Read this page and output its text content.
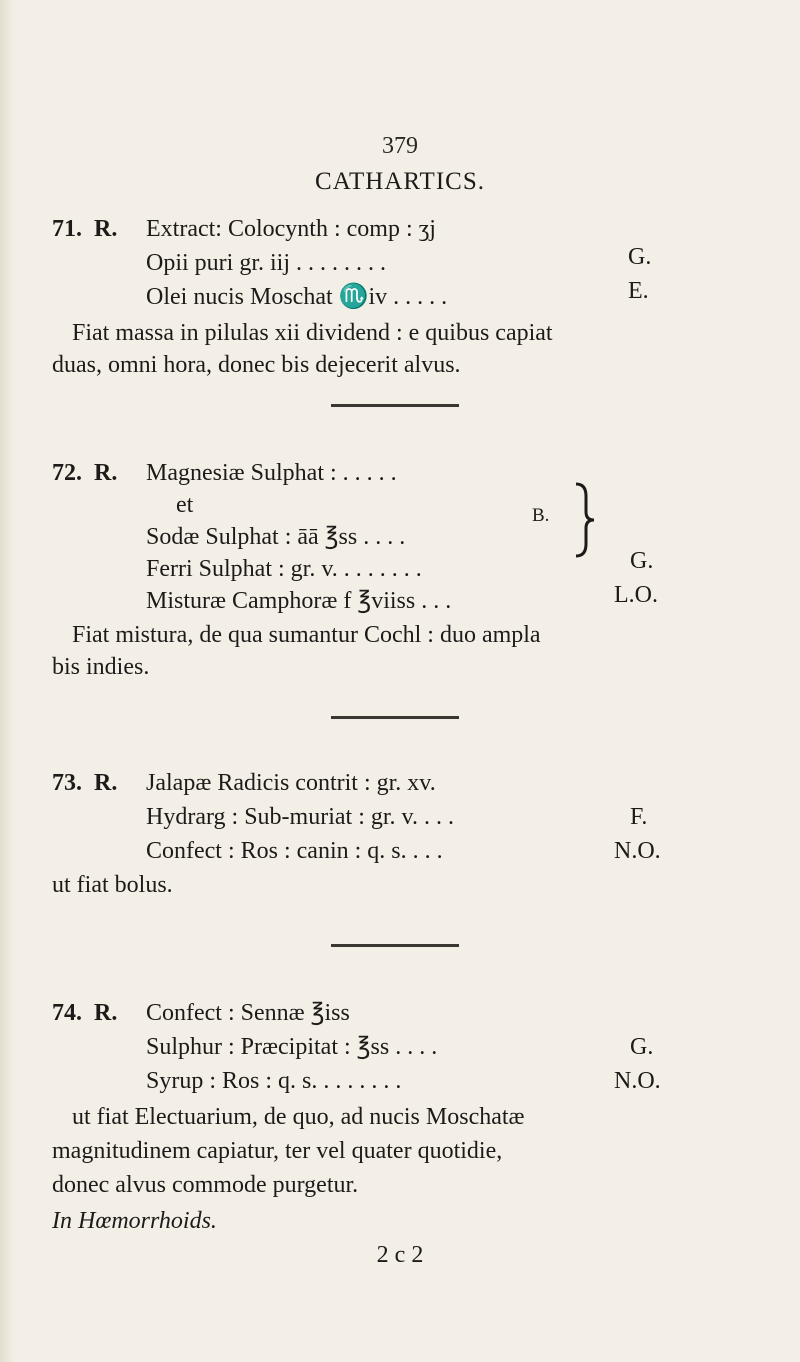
379
CATHARTICS.
71. R. Extract: Colocynth : comp : ʒj
Opii puri gr. iij . . . . . . . .
Olei nucis Moschat ♏iv . . . . .
G.
E.
Fiat massa in pilulas xii dividend : e quibus capiat
duas, omni hora, donec bis dejecerit alvus.
72. R. Magnesiæ Sulphat : . . . . .
et
Sodæ Sulphat : āā ℥ss . . . .
Ferri Sulphat : gr. v. . . . . . . .
Misturæ Camphoræ f ℥viiss . . .
B.
G.
L.O.
Fiat mistura, de qua sumantur Cochl : duo ampla
bis indies.
73. R. Jalapæ Radicis contrit : gr. xv.
Hydrarg : Sub-muriat : gr. v. . . .
Confect : Ros : canin : q. s. . . .
F.
N.O.
ut fiat bolus.
74. R. Confect : Sennæ ℥iss
Sulphur : Præcipitat : ℥ss . . . .
Syrup : Ros : q. s. . . . . . . .
G.
N.O.
ut fiat Electuarium, de quo, ad nucis Moschatæ
magnitudinem capiatur, ter vel quater quotidie,
donec alvus commode purgetur.
In Hœmorrhoids.
2 c 2
